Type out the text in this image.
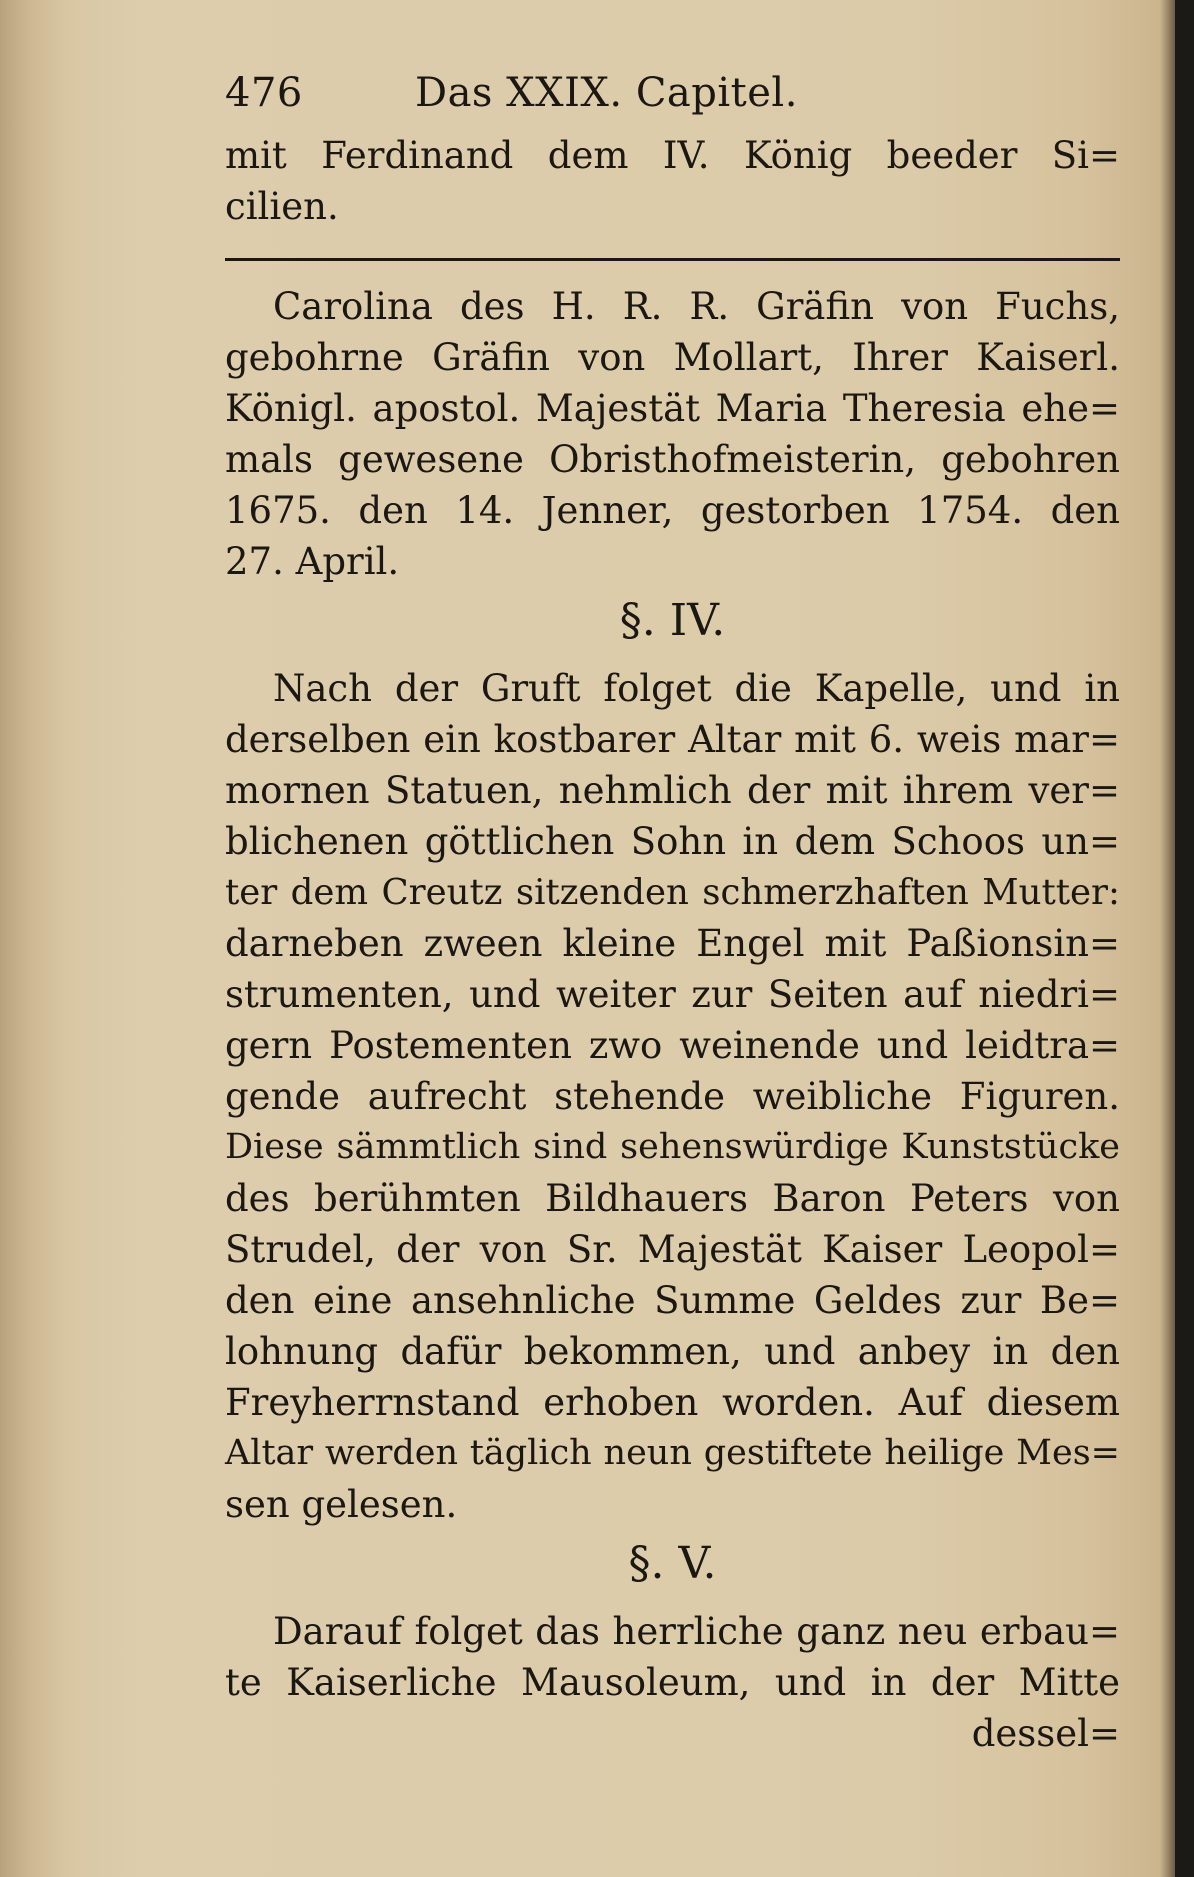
476	Das XXIX. Capitel.

mit Ferdinand dem IV. König beeder Si=
cilien.

Carolina des H. R. R. Gräfin von Fuchs,
gebohrne Gräfin von Mollart, Ihrer Kaiserl.
Königl. apostol. Majestät Maria Theresia ehe=
mals gewesene Obristhofmeisterin, gebohren
1675. den 14. Jenner, gestorben 1754. den
27. April.

§. IV.

Nach der Gruft folget die Kapelle, und in
derselben ein kostbarer Altar mit 6. weis mar=
mornen Statuen, nehmlich der mit ihrem ver=
blichenen göttlichen Sohn in dem Schoos un=
ter dem Creutz sitzenden schmerzhaften Mutter:
darneben zween kleine Engel mit Paßionsin=
strumenten, und weiter zur Seiten auf niedri=
gern Postementen zwo weinende und leidtra=
gende aufrecht stehende weibliche Figuren.
Diese sämmtlich sind sehenswürdige Kunststücke
des berühmten Bildhauers Baron Peters von
Strudel, der von Sr. Majestät Kaiser Leopol=
den eine ansehnliche Summe Geldes zur Be=
lohnung dafür bekommen, und anbey in den
Freyherrnstand erhoben worden. Auf diesem
Altar werden täglich neun gestiftete heilige Mes=
sen gelesen.

§. V.

Darauf folget das herrliche ganz neu erbau=
te Kaiserliche Mausoleum, und in der Mitte
dessel=
